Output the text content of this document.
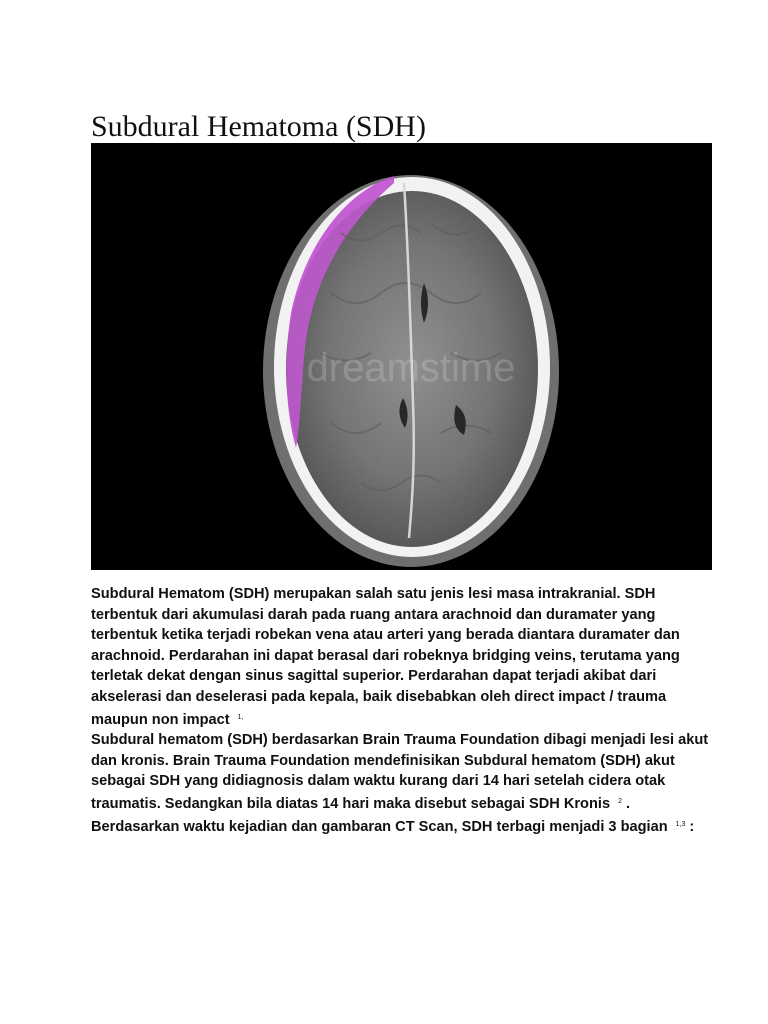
Subdural Hematoma (SDH)
dreamstime

Subdural Hematom (SDH) merupakan salah satu jenis lesi masa intrakranial. SDH terbentuk dari akumulasi darah pada ruang antara arachnoid dan duramater yang terbentuk ketika terjadi robekan vena atau arteri yang berada diantara duramater dan arachnoid. Perdarahan ini dapat berasal dari robeknya bridging veins, terutama yang terletak dekat dengan sinus sagittal superior. Perdarahan dapat terjadi akibat dari akselerasi dan deselerasi pada kepala, baik disebabkan oleh direct impact / trauma maupun non impact $^{1,}$

Subdural hematom (SDH) berdasarkan Brain Trauma Foundation dibagi menjadi lesi akut dan kronis. Brain Trauma Foundation mendefinisikan Subdural hematom (SDH) akut sebagai SDH yang didiagnosis dalam waktu kurang dari 14 hari setelah cidera otak traumatis. Sedangkan bila diatas 14 hari maka disebut sebagai SDH Kronis $^2$ .

Berdasarkan waktu kejadian dan gambaran CT Scan, SDH terbagi menjadi 3 bagian $^{1,3}$ :
